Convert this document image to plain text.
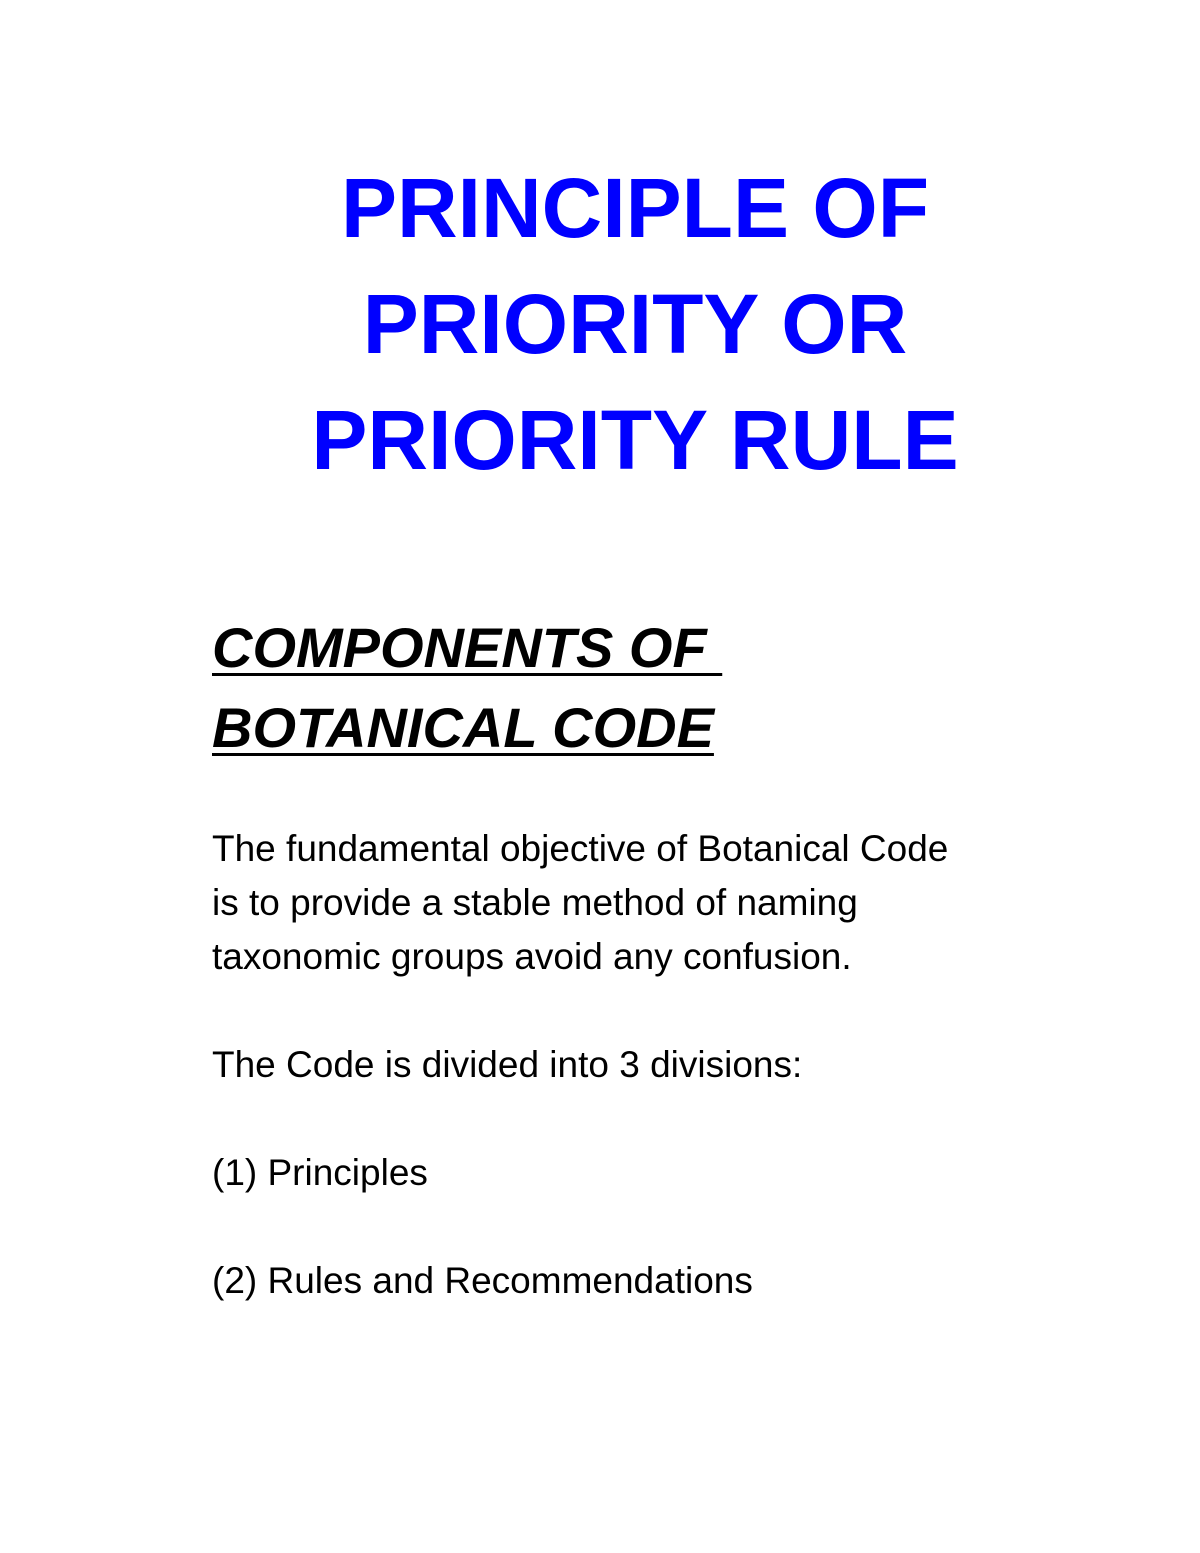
PRINCIPLE OF
PRIORITY OR
PRIORITY RULE
COMPONENTS OF
BOTANICAL CODE

The fundamental objective of Botanical Code
is to provide a stable method of naming
taxonomic groups avoid any confusion.

The Code is divided into 3 divisions:

(1) Principles

(2) Rules and Recommendations
